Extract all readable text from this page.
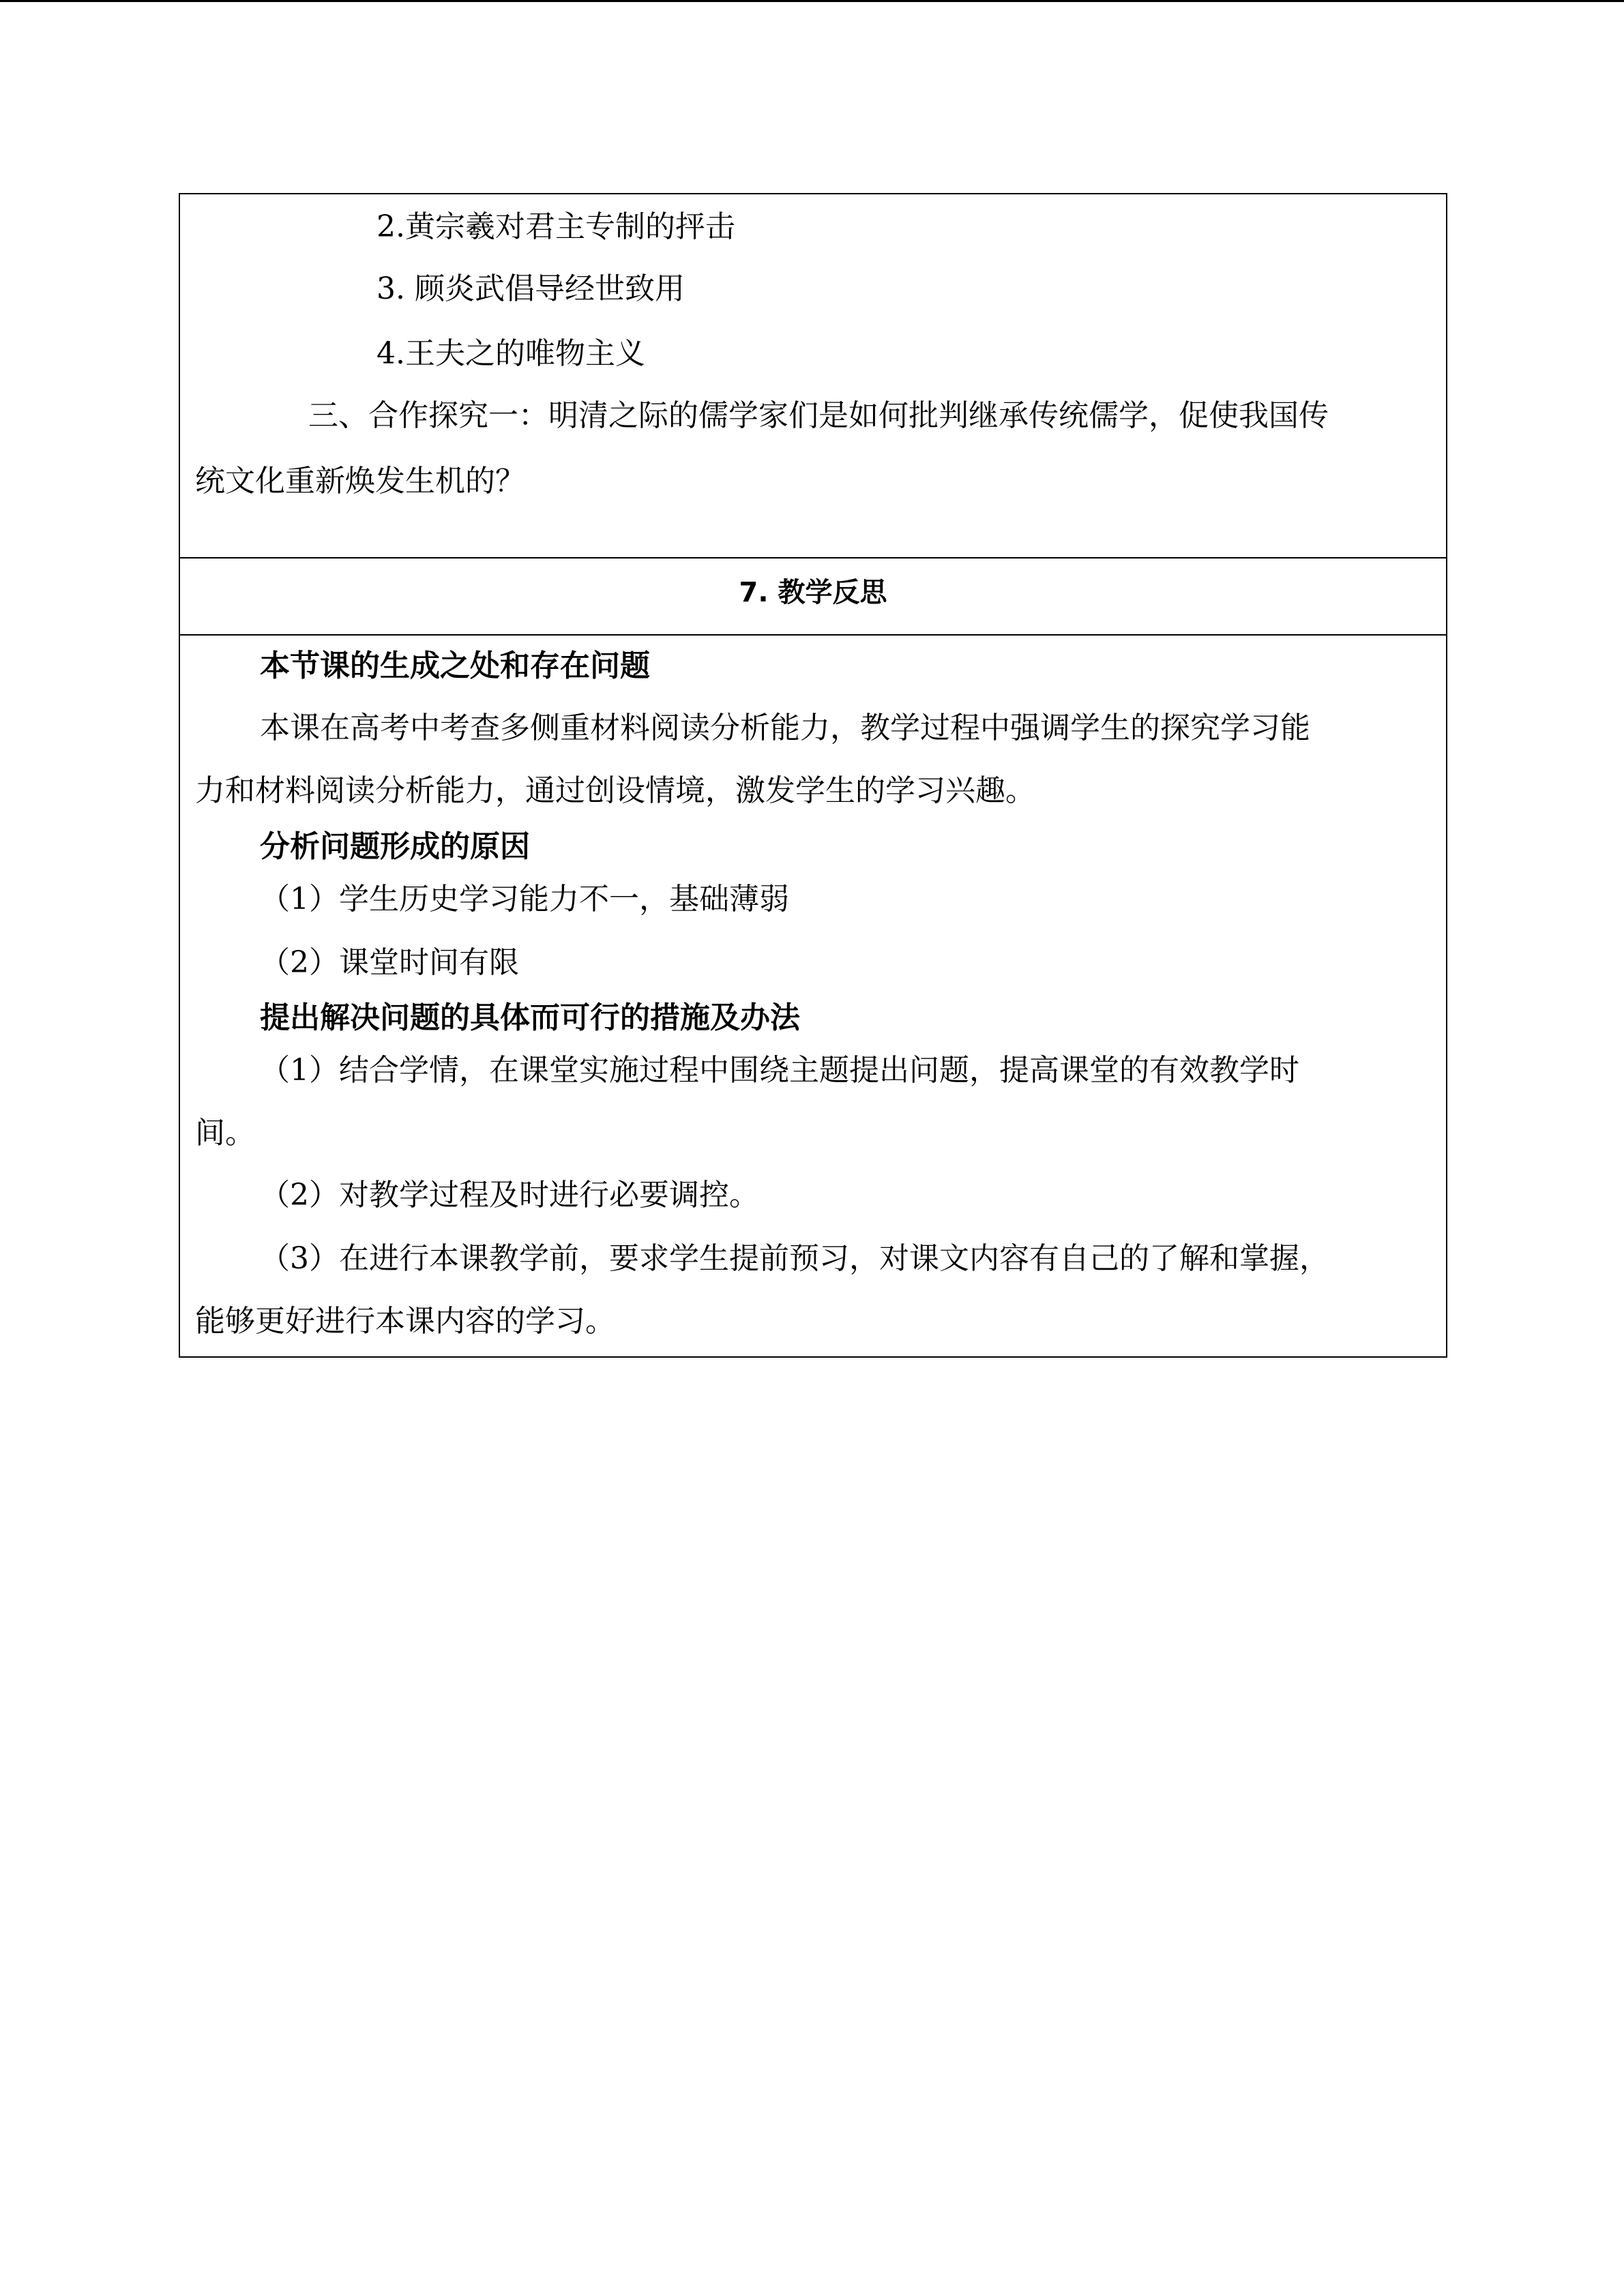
2.黄宗羲对君主专制的抨击
3. 顾炎武倡导经世致用
4.王夫之的唯物主义
三、合作探究一：明清之际的儒学家们是如何批判继承传统儒学，促使我国传
统文化重新焕发生机的？
7. 教学反思
本节课的生成之处和存在问题
本课在高考中考查多侧重材料阅读分析能力，教学过程中强调学生的探究学习能
力和材料阅读分析能力，通过创设情境，激发学生的学习兴趣。
分析问题形成的原因
（1）学生历史学习能力不一，基础薄弱
（2）课堂时间有限
提出解决问题的具体而可行的措施及办法
（1）结合学情，在课堂实施过程中围绕主题提出问题，提高课堂的有效教学时
间。
（2）对教学过程及时进行必要调控。
（3）在进行本课教学前，要求学生提前预习，对课文内容有自己的了解和掌握，
能够更好进行本课内容的学习。
